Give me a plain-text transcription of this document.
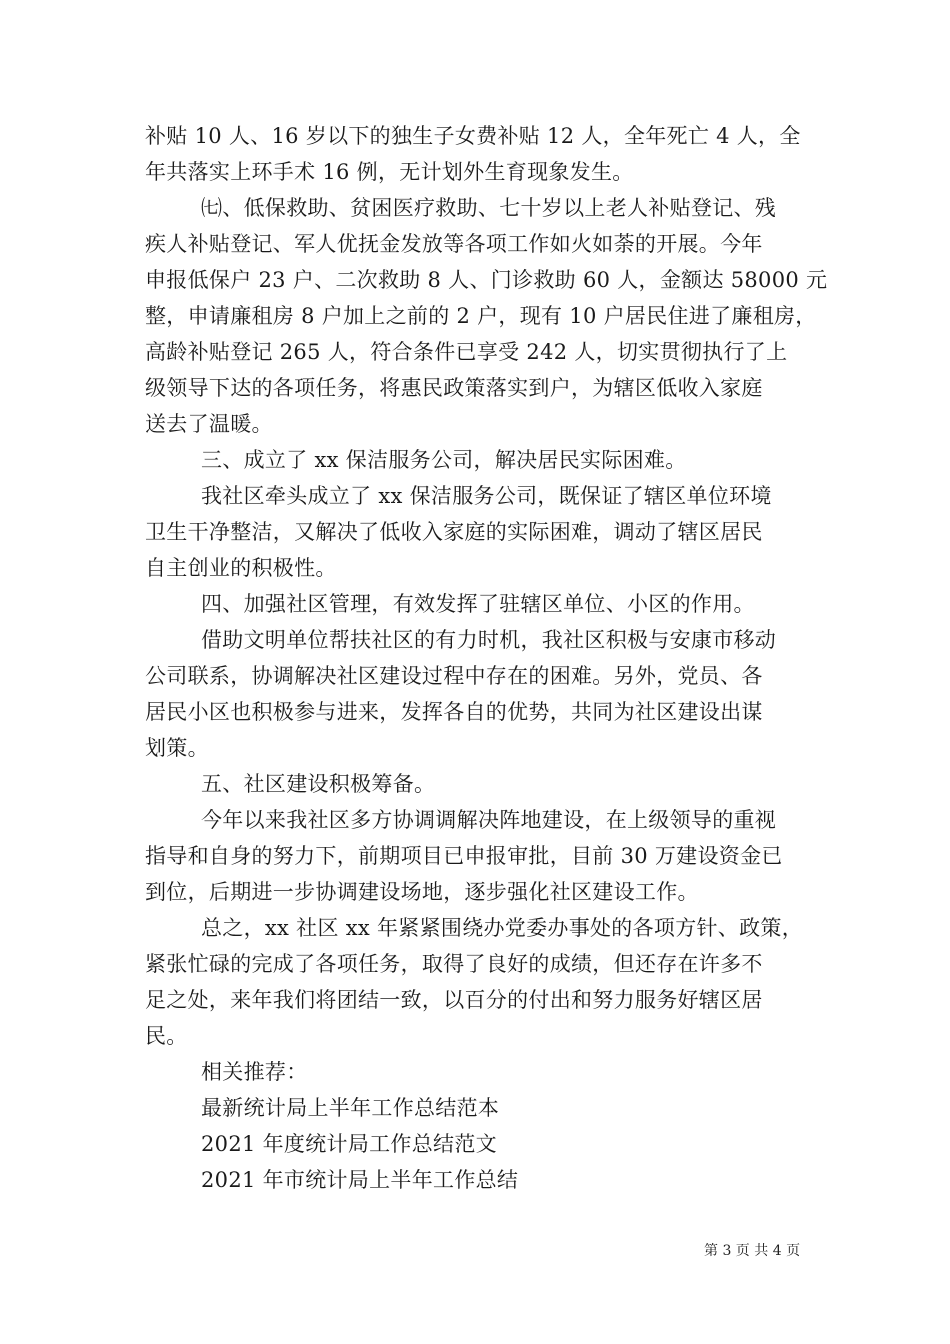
补贴 10 人、16 岁以下的独生子女费补贴 12 人，全年死亡 4 人，全
年共落实上环手术 16 例，无计划外生育现象发生。
㈦、低保救助、贫困医疗救助、七十岁以上老人补贴登记、残
疾人补贴登记、军人优抚金发放等各项工作如火如荼的开展。今年
申报低保户 23 户、二次救助 8 人、门诊救助 60 人，金额达 58000 元
整，申请廉租房 8 户加上之前的 2 户，现有 10 户居民住进了廉租房，
高龄补贴登记 265 人，符合条件已享受 242 人，切实贯彻执行了上
级领导下达的各项任务，将惠民政策落实到户，为辖区低收入家庭
送去了温暖。
三、成立了 xx 保洁服务公司，解决居民实际困难。
我社区牵头成立了 xx 保洁服务公司，既保证了辖区单位环境
卫生干净整洁，又解决了低收入家庭的实际困难，调动了辖区居民
自主创业的积极性。
四、加强社区管理，有效发挥了驻辖区单位、小区的作用。
借助文明单位帮扶社区的有力时机，我社区积极与安康市移动
公司联系，协调解决社区建设过程中存在的困难。另外，党员、各
居民小区也积极参与进来，发挥各自的优势，共同为社区建设出谋
划策。
五、社区建设积极筹备。
今年以来我社区多方协调调解决阵地建设，在上级领导的重视
指导和自身的努力下，前期项目已申报审批，目前 30 万建设资金已
到位，后期进一步协调建设场地，逐步强化社区建设工作。
总之，xx 社区 xx 年紧紧围绕办党委办事处的各项方针、政策，
紧张忙碌的完成了各项任务，取得了良好的成绩，但还存在许多不
足之处，来年我们将团结一致，以百分的付出和努力服务好辖区居
民。
相关推荐：
最新统计局上半年工作总结范本
2021 年度统计局工作总结范文
2021 年市统计局上半年工作总结
第 3 页 共 4 页
